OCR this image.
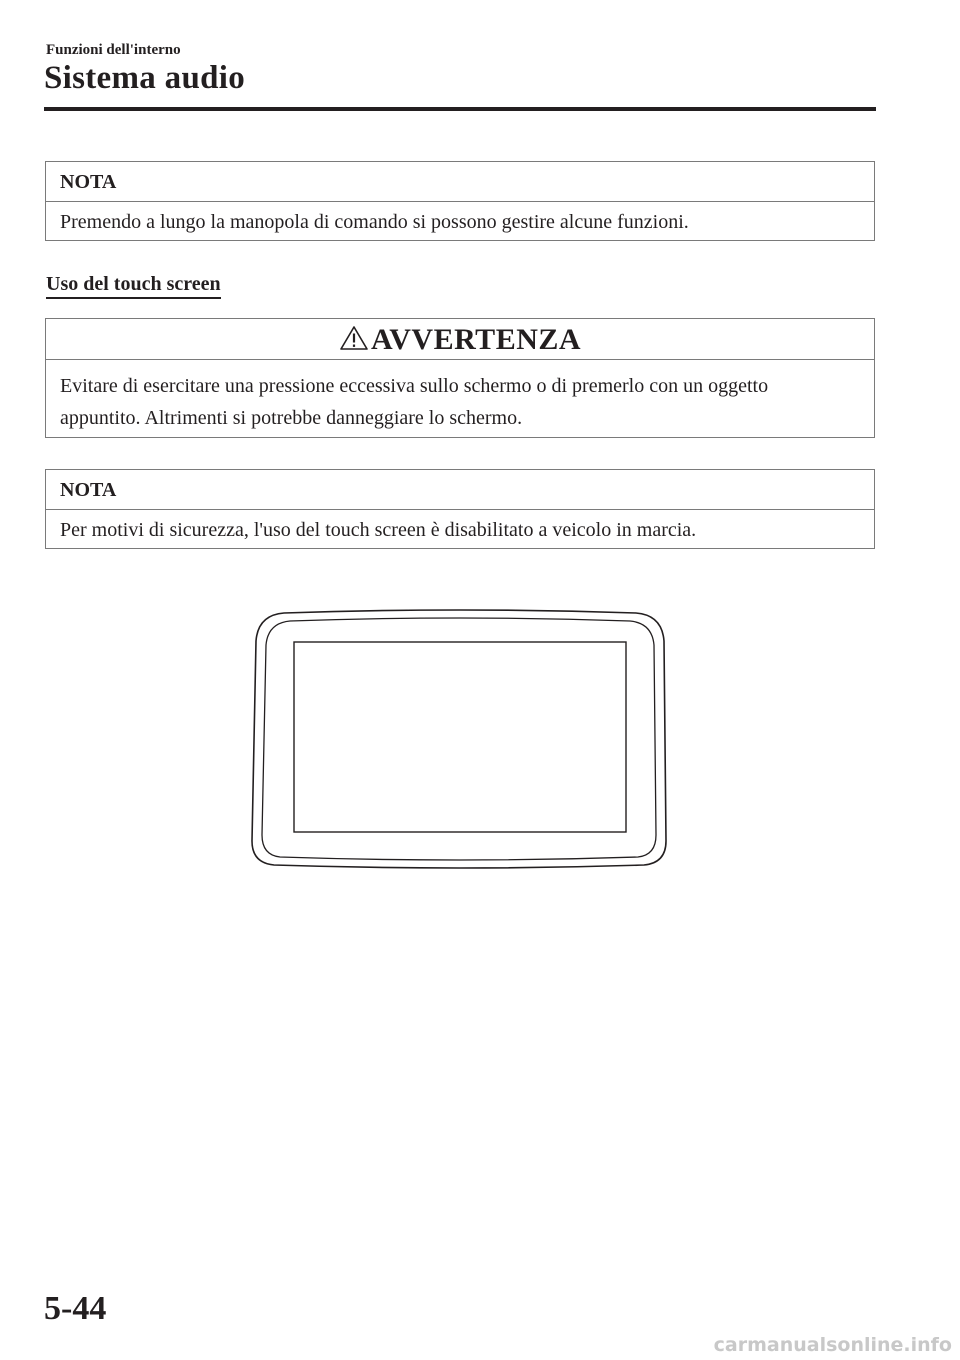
Funzioni dell'interno
Sistema audio
NOTA
Premendo a lungo la manopola di comando si possono gestire alcune funzioni.
Uso del touch screen
AVVERTENZA
Evitare di esercitare una pressione eccessiva sullo schermo o di premerlo con un oggetto
appuntito. Altrimenti si potrebbe danneggiare lo schermo.
NOTA
Per motivi di sicurezza, l'uso del touch screen è disabilitato a veicolo in marcia.
5-44
carmanualsonline.info
